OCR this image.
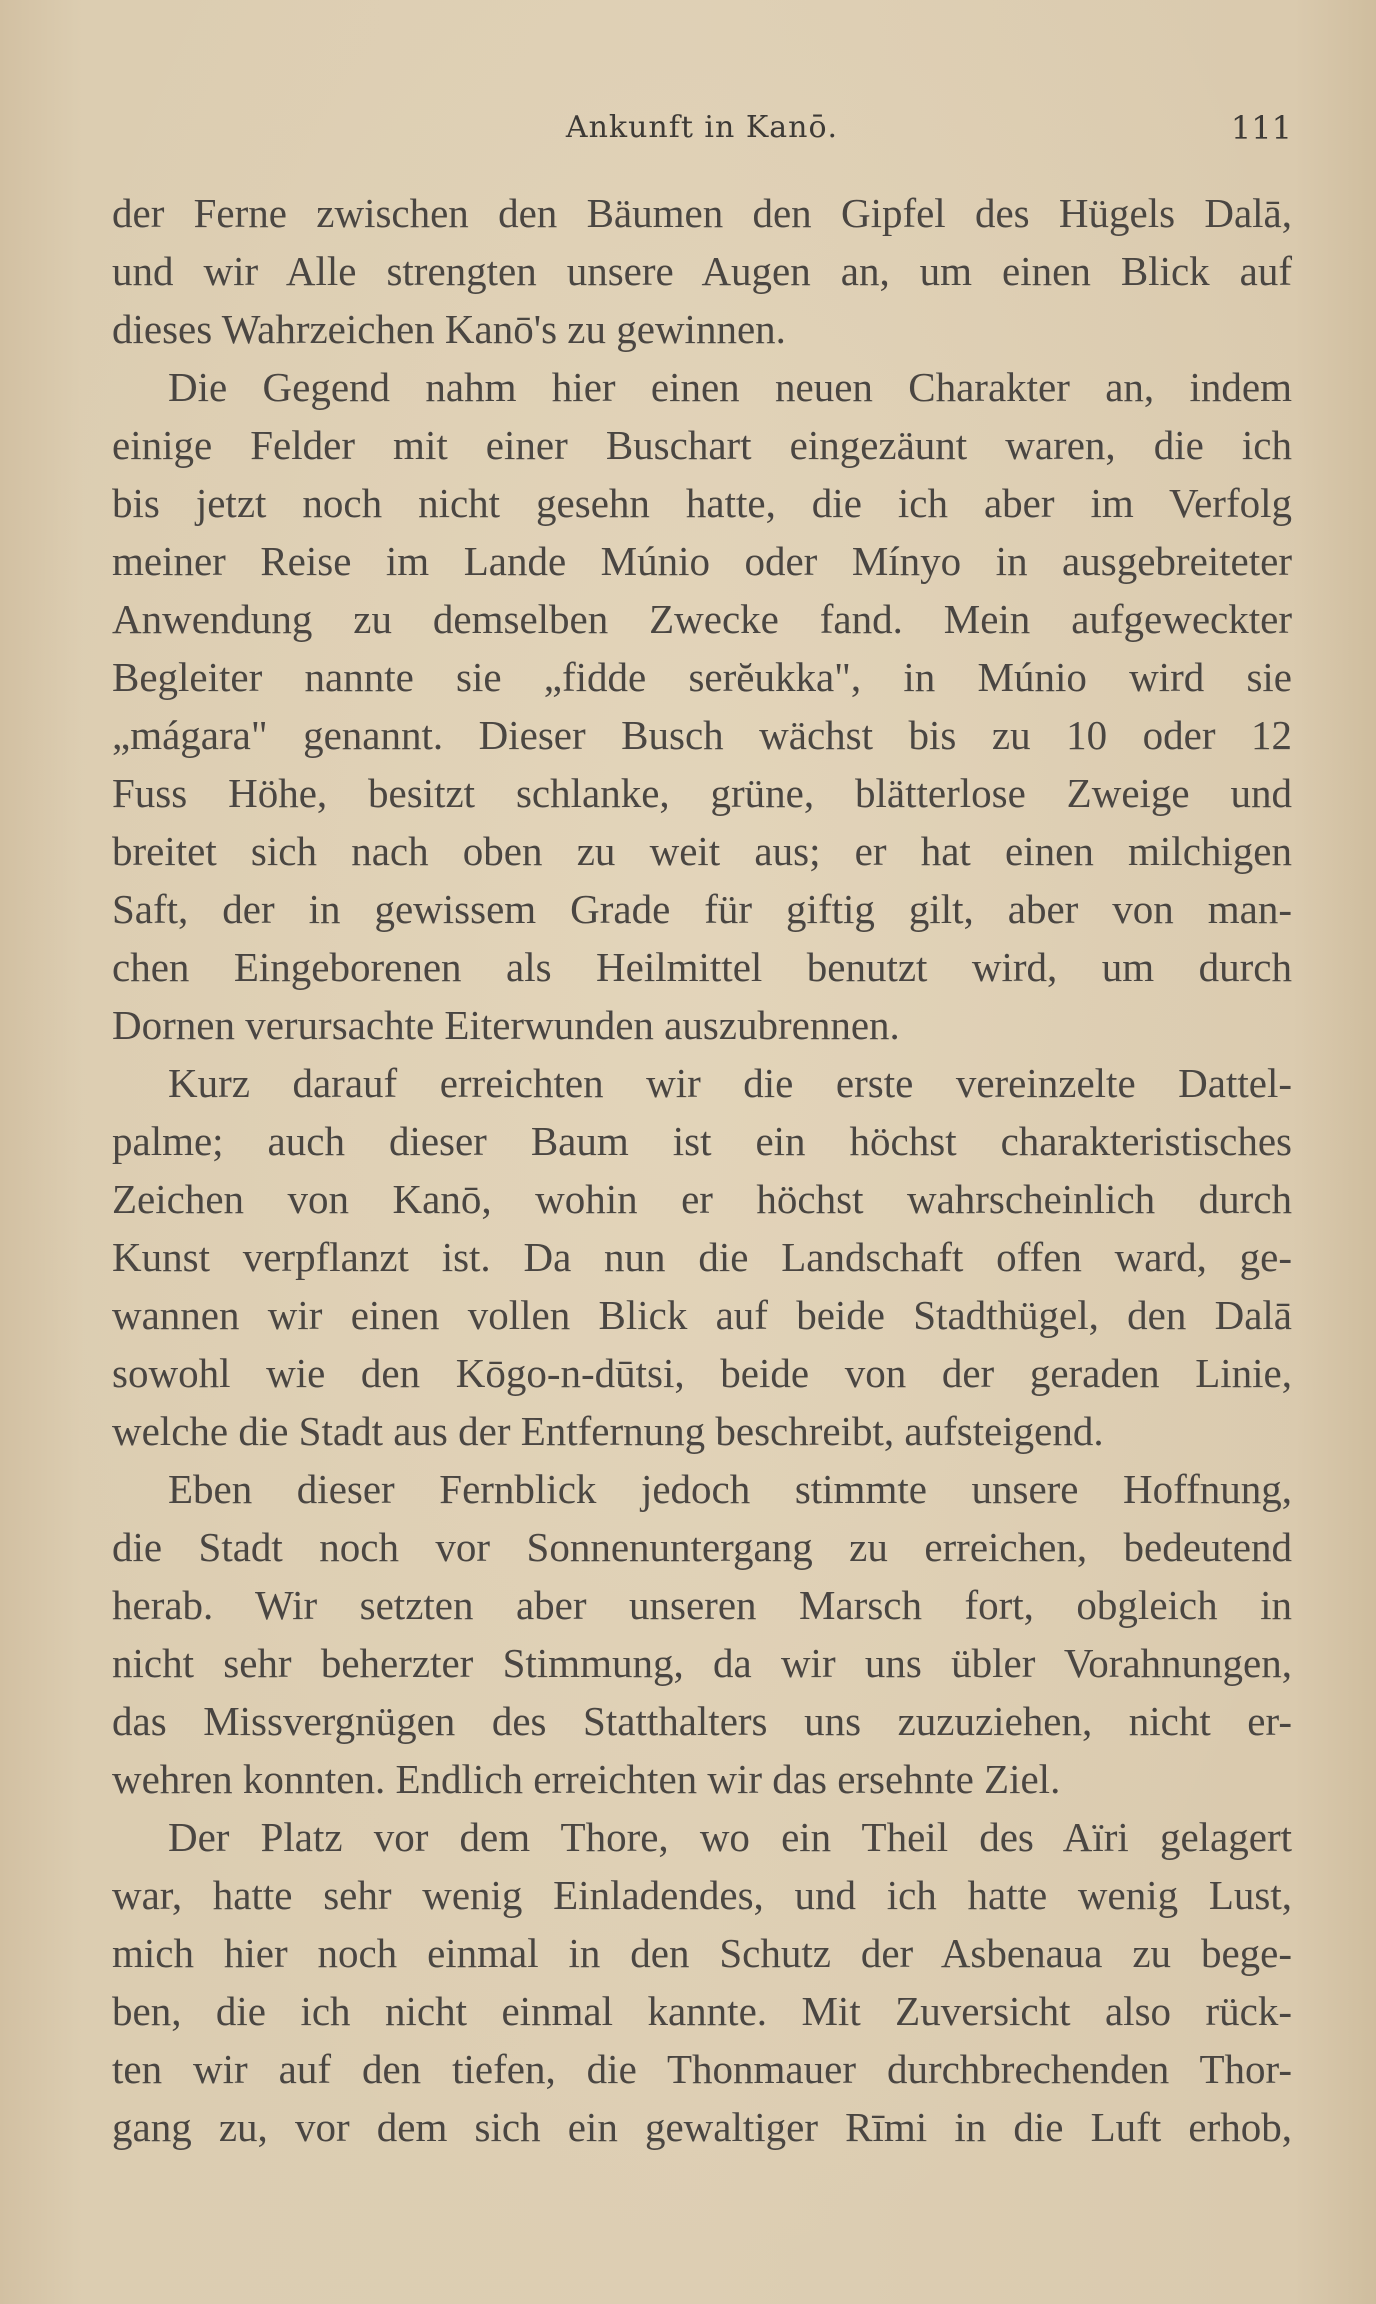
Ankunft in Kanō.	111
der Ferne zwischen den Bäumen den Gipfel des Hügels Dalā,
und wir Alle strengten unsere Augen an, um einen Blick auf
dieses Wahrzeichen Kanō's zu gewinnen.
Die Gegend nahm hier einen neuen Charakter an, indem
einige Felder mit einer Buschart eingezäunt waren, die ich
bis jetzt noch nicht gesehn hatte, die ich aber im Verfolg
meiner Reise im Lande Múnio oder Mínyo in ausgebreiteter
Anwendung zu demselben Zwecke fand. Mein aufgeweckter
Begleiter nannte sie „fidde serĕukka", in Múnio wird sie
„mágara" genannt. Dieser Busch wächst bis zu 10 oder 12
Fuss Höhe, besitzt schlanke, grüne, blätterlose Zweige und
breitet sich nach oben zu weit aus; er hat einen milchigen
Saft, der in gewissem Grade für giftig gilt, aber von man-
chen Eingeborenen als Heilmittel benutzt wird, um durch
Dornen verursachte Eiterwunden auszubrennen.
Kurz darauf erreichten wir die erste vereinzelte Dattel-
palme; auch dieser Baum ist ein höchst charakteristisches
Zeichen von Kanō, wohin er höchst wahrscheinlich durch
Kunst verpflanzt ist. Da nun die Landschaft offen ward, ge-
wannen wir einen vollen Blick auf beide Stadthügel, den Dalā
sowohl wie den Kōgo-n-dūtsi, beide von der geraden Linie,
welche die Stadt aus der Entfernung beschreibt, aufsteigend.
Eben dieser Fernblick jedoch stimmte unsere Hoffnung,
die Stadt noch vor Sonnenuntergang zu erreichen, bedeutend
herab. Wir setzten aber unseren Marsch fort, obgleich in
nicht sehr beherzter Stimmung, da wir uns übler Vorahnungen,
das Missvergnügen des Statthalters uns zuzuziehen, nicht er-
wehren konnten. Endlich erreichten wir das ersehnte Ziel.
Der Platz vor dem Thore, wo ein Theil des Aïri gelagert
war, hatte sehr wenig Einladendes, und ich hatte wenig Lust,
mich hier noch einmal in den Schutz der Asbenaua zu bege-
ben, die ich nicht einmal kannte. Mit Zuversicht also rück-
ten wir auf den tiefen, die Thonmauer durchbrechenden Thor-
gang zu, vor dem sich ein gewaltiger Rīmi in die Luft erhob,
